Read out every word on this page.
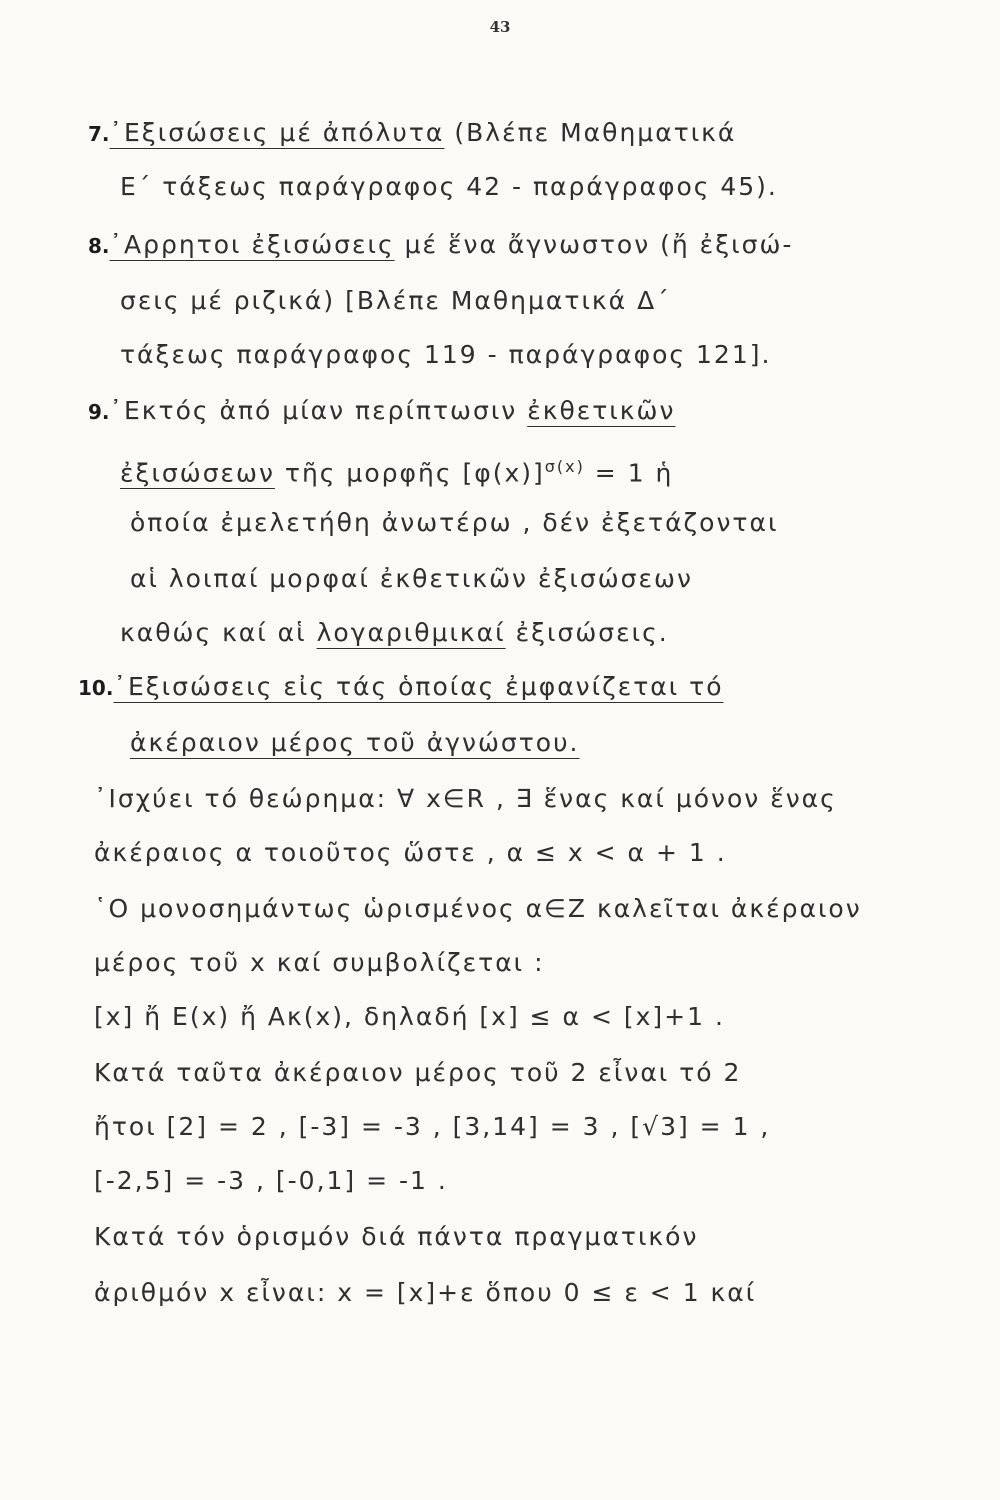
43
7.᾽Εξισώσεις μέ ἀπόλυτα (Βλέπε Μαθηματικά
Ε΄ τάξεως παράγραφος 42 - παράγραφος 45).
8.᾽Αρρητοι ἐξισώσεις μέ ἕνα ἄγνωστον (ἤ ἐξισώ-
σεις μέ ριζικά) [Βλέπε Μαθηματικά Δ΄
τάξεως παράγραφος 119 - παράγραφος 121].
9.᾽Εκτός ἀπό μίαν περίπτωσιν ἐκθετικῶν
ἐξισώσεων τῆς μορφῆς $[\varphi(x)]^{\sigma(x)} = 1$ ἡ
ὁποία ἐμελετήθη ἀνωτέρω , δέν ἐξετάζονται
αἱ λοιπαί μορφαί ἐκθετικῶν ἐξισώσεων
καθώς καί αἱ λογαριθμικαί ἐξισώσεις.
10.᾽Εξισώσεις εἰς τάς ὁποίας ἐμφανίζεται τό
ἀκέραιον μέρος τοῦ ἀγνώστου.
᾽Ισχύει τό θεώρημα: ∀ x∈R , ∃ ἕνας καί μόνον ἕνας
ἀκέραιος α τοιοῦτος ὥστε , α ≤ x < α + 1 .
῾Ο μονοσημάντως ὡρισμένος α∈Z καλεῖται ἀκέραιον
μέρος τοῦ x καί συμβολίζεται :
[x] ἤ E(x) ἤ Ακ(x), δηλαδή [x] ≤ α < [x]+1 .
Κατά ταῦτα ἀκέραιον μέρος τοῦ 2 εἶναι τό 2
ἤτοι [2] = 2 , [-3] = -3 , [3,14] = 3 , [√3] = 1 ,
[-2,5] = -3 , [-0,1] = -1 .
Κατά τόν ὁρισμόν διά πάντα πραγματικόν
ἀριθμόν x εἶναι: x = [x]+ε ὅπου 0 ≤ ε < 1 καί
